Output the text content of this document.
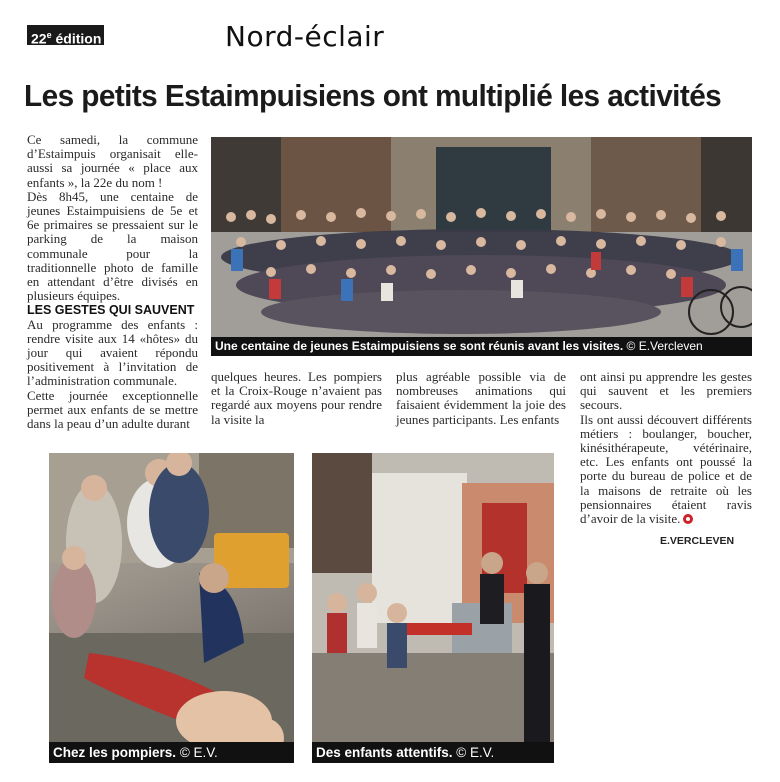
22e édition	Nord-éclair
Les petits Estaimpuisiens ont multiplié les activités

Ce samedi, la commune d’Estaimpuis organisait elle-aussi sa journée « place aux enfants », la 22e du nom !

Dès 8h45, une centaine de jeunes Estaimpuisiens de 5e et 6e primaires se pressaient sur le parking de la maison communale pour la traditionnelle photo de famille en attendant d’être divisés en plusieurs équipes.

LES GESTES QUI SAUVENT

Au programme des enfants : rendre visite aux 14 «hôtes» du jour qui avaient répondu positivement à l’invitation de l’administration communale.

Cette journée exceptionnelle permet aux enfants de se mettre dans la peau d’un adulte durant

Une centaine de jeunes Estaimpuisiens se sont réunis avant les visites. © E.Vercleven

quelques heures. Les pompiers et la Croix-Rouge n’avaient pas regardé aux moyens pour rendre la visite la

plus agréable possible via de nombreuses animations qui faisaient évidemment la joie des jeunes participants. Les enfants

ont ainsi pu apprendre les gestes qui sauvent et les premiers secours.

Ils ont aussi découvert différents métiers : boulanger, boucher, kinésithérapeute, vétérinaire, etc. Les enfants ont poussé la porte du bureau de police et de la maisons de retraite où les pensionnaires étaient ravis d’avoir de la visite.

E.VERCLEVEN
Chez les pompiers. © E.V.	Des enfants attentifs. © E.V.
